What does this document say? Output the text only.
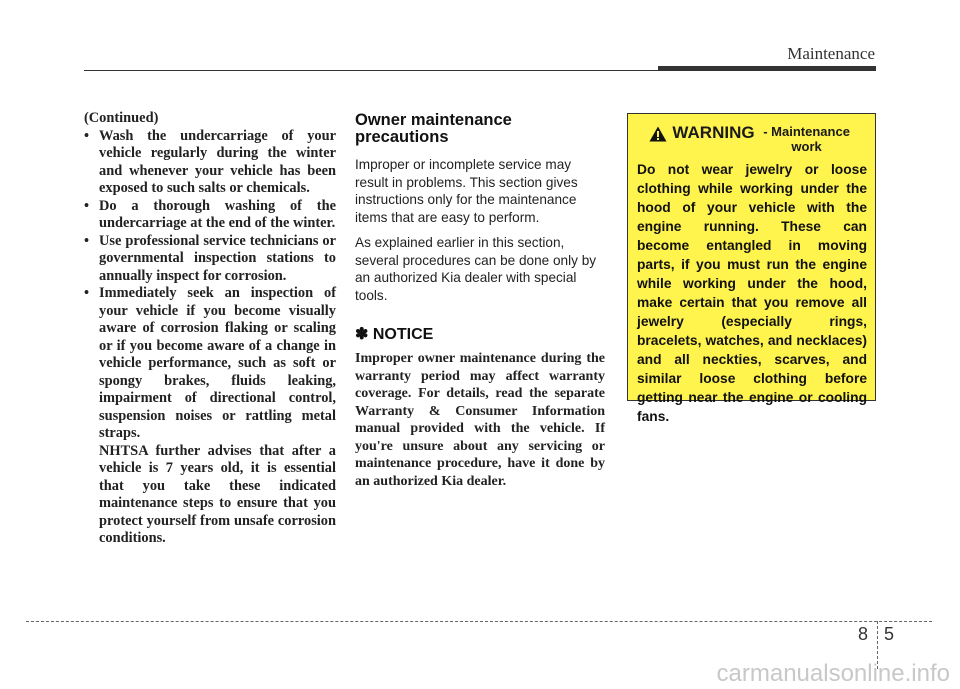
Maintenance

(Continued)

• Wash the undercarriage of your vehicle regularly during the winter and whenever your vehicle has been exposed to such salts or chemicals.
• Do a thorough washing of the undercarriage at the end of the winter.
• Use professional service technicians or governmental inspection stations to annually inspect for corrosion.
• Immediately seek an inspection of your vehicle if you become visually aware of corrosion flaking or scaling or if you become aware of a change in vehicle performance, such as soft or spongy brakes, fluids leaking, impairment of directional control, suspension noises or rattling metal straps.

NHTSA further advises that after a vehicle is 7 years old, it is essential that you take these indicated maintenance steps to ensure that you protect yourself from unsafe corrosion conditions.

Owner maintenance precautions

Improper or incomplete service may result in problems. This section gives instructions only for the maintenance items that are easy to perform.

As explained earlier in this section, several procedures can be done only by an authorized Kia dealer with special tools.

✽ NOTICE

Improper owner maintenance during the warranty period may affect warranty coverage. For details, read the separate Warranty & Consumer Information manual provided with the vehicle. If you're unsure about any servicing or maintenance procedure, have it done by an authorized Kia dealer.

WARNING - Maintenance work

Do not wear jewelry or loose clothing while working under the hood of your vehicle with the engine running. These can become entangled in moving parts, if you must run the engine while working under the hood, make certain that you remove all jewelry (especially rings, bracelets, watches, and necklaces) and all neckties, scarves, and similar loose clothing before getting near the engine or cooling fans.

8 5
carmanualsonline.info
